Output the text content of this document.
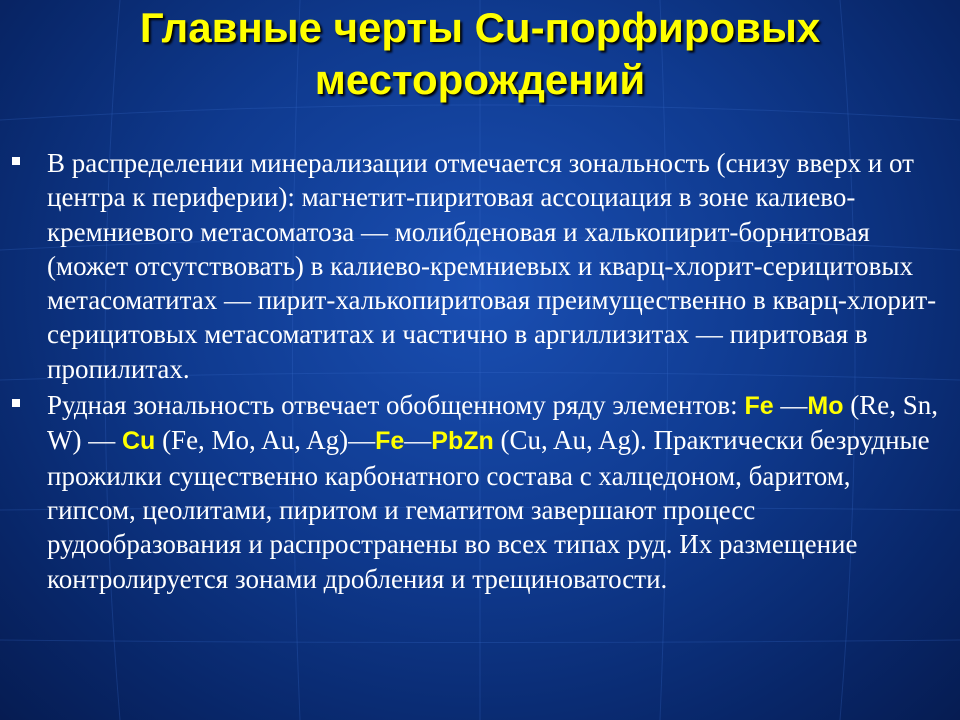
Главные черты Cu-порфировых
месторождений
В распределении минерализации отмечается зональность (снизу вверх и от центра к периферии): магнетит-пиритовая ассоциация в зоне калиево-кремниевого метасоматоза — молибденовая и халькопирит-борнитовая (может отсутствовать) в калиево-кремниевых и кварц-хлорит-серицитовых метасоматитах — пирит-халькопиритовая преимущественно в кварц-хлорит-серицитовых метасоматитах и частично в аргиллизитах — пиритовая в пропилитах.
Рудная зональность отвечает обобщенному ряду элементов: Fe —Mo (Re, Sn, W) — Cu (Fe, Mo, Au, Ag)—Fe—PbZn (Cu, Au, Ag). Практически безрудные прожилки существенно карбонатного состава с халцедоном, баритом, гипсом, цеолитами, пиритом и гематитом завершают процесс рудообразования и распространены во всех типах руд. Их размещение контролируется зонами дробления и трещиноватости.
